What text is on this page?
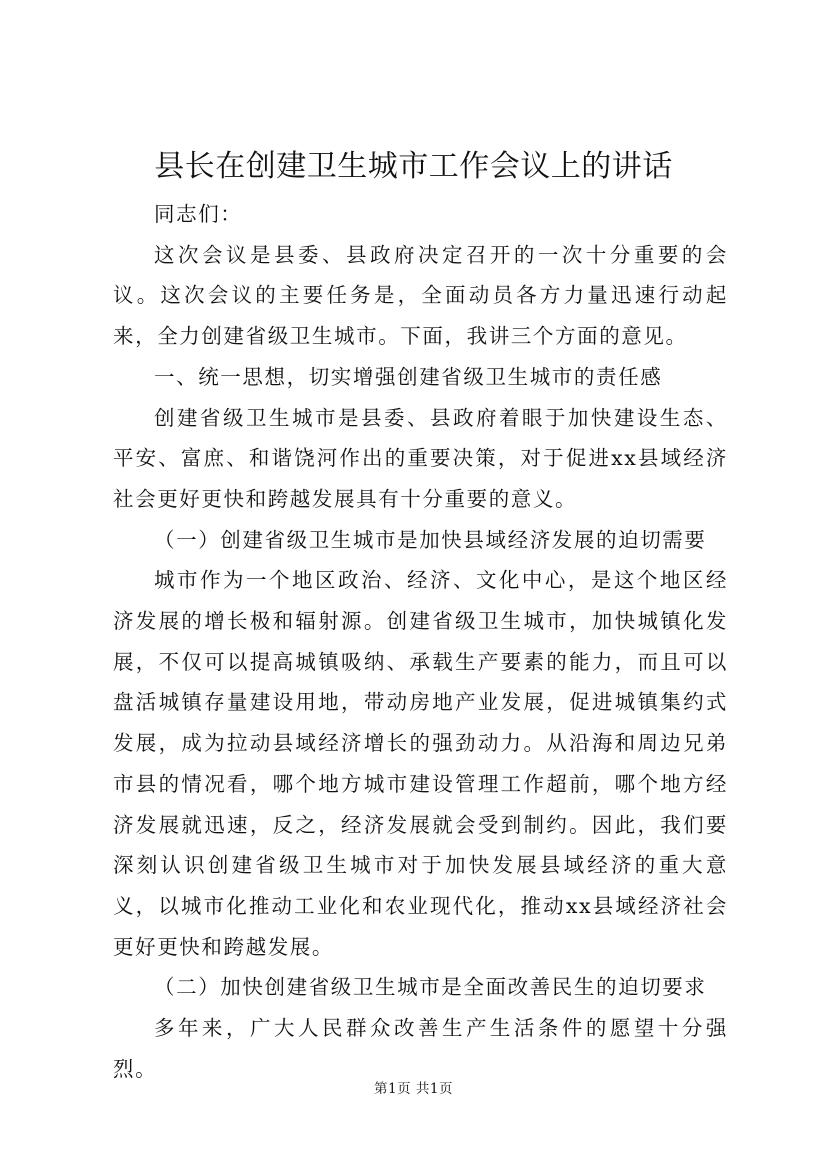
县长在创建卫生城市工作会议上的讲话

同志们：

这次会议是县委、县政府决定召开的一次十分重要的会议。这次会议的主要任务是，全面动员各方力量迅速行动起来，全力创建省级卫生城市。下面，我讲三个方面的意见。

一、统一思想，切实增强创建省级卫生城市的责任感

创建省级卫生城市是县委、县政府着眼于加快建设生态、平安、富庶、和谐饶河作出的重要决策，对于促进xx县域经济社会更好更快和跨越发展具有十分重要的意义。

（一）创建省级卫生城市是加快县域经济发展的迫切需要

城市作为一个地区政治、经济、文化中心，是这个地区经济发展的增长极和辐射源。创建省级卫生城市，加快城镇化发展，不仅可以提高城镇吸纳、承载生产要素的能力，而且可以盘活城镇存量建设用地，带动房地产业发展，促进城镇集约式发展，成为拉动县域经济增长的强劲动力。从沿海和周边兄弟市县的情况看，哪个地方城市建设管理工作超前，哪个地方经济发展就迅速，反之，经济发展就会受到制约。因此，我们要深刻认识创建省级卫生城市对于加快发展县域经济的重大意义，以城市化推动工业化和农业现代化，推动xx县域经济社会更好更快和跨越发展。

（二）加快创建省级卫生城市是全面改善民生的迫切要求

多年来，广大人民群众改善生产生活条件的愿望十分强烈。

第1页 共1页
